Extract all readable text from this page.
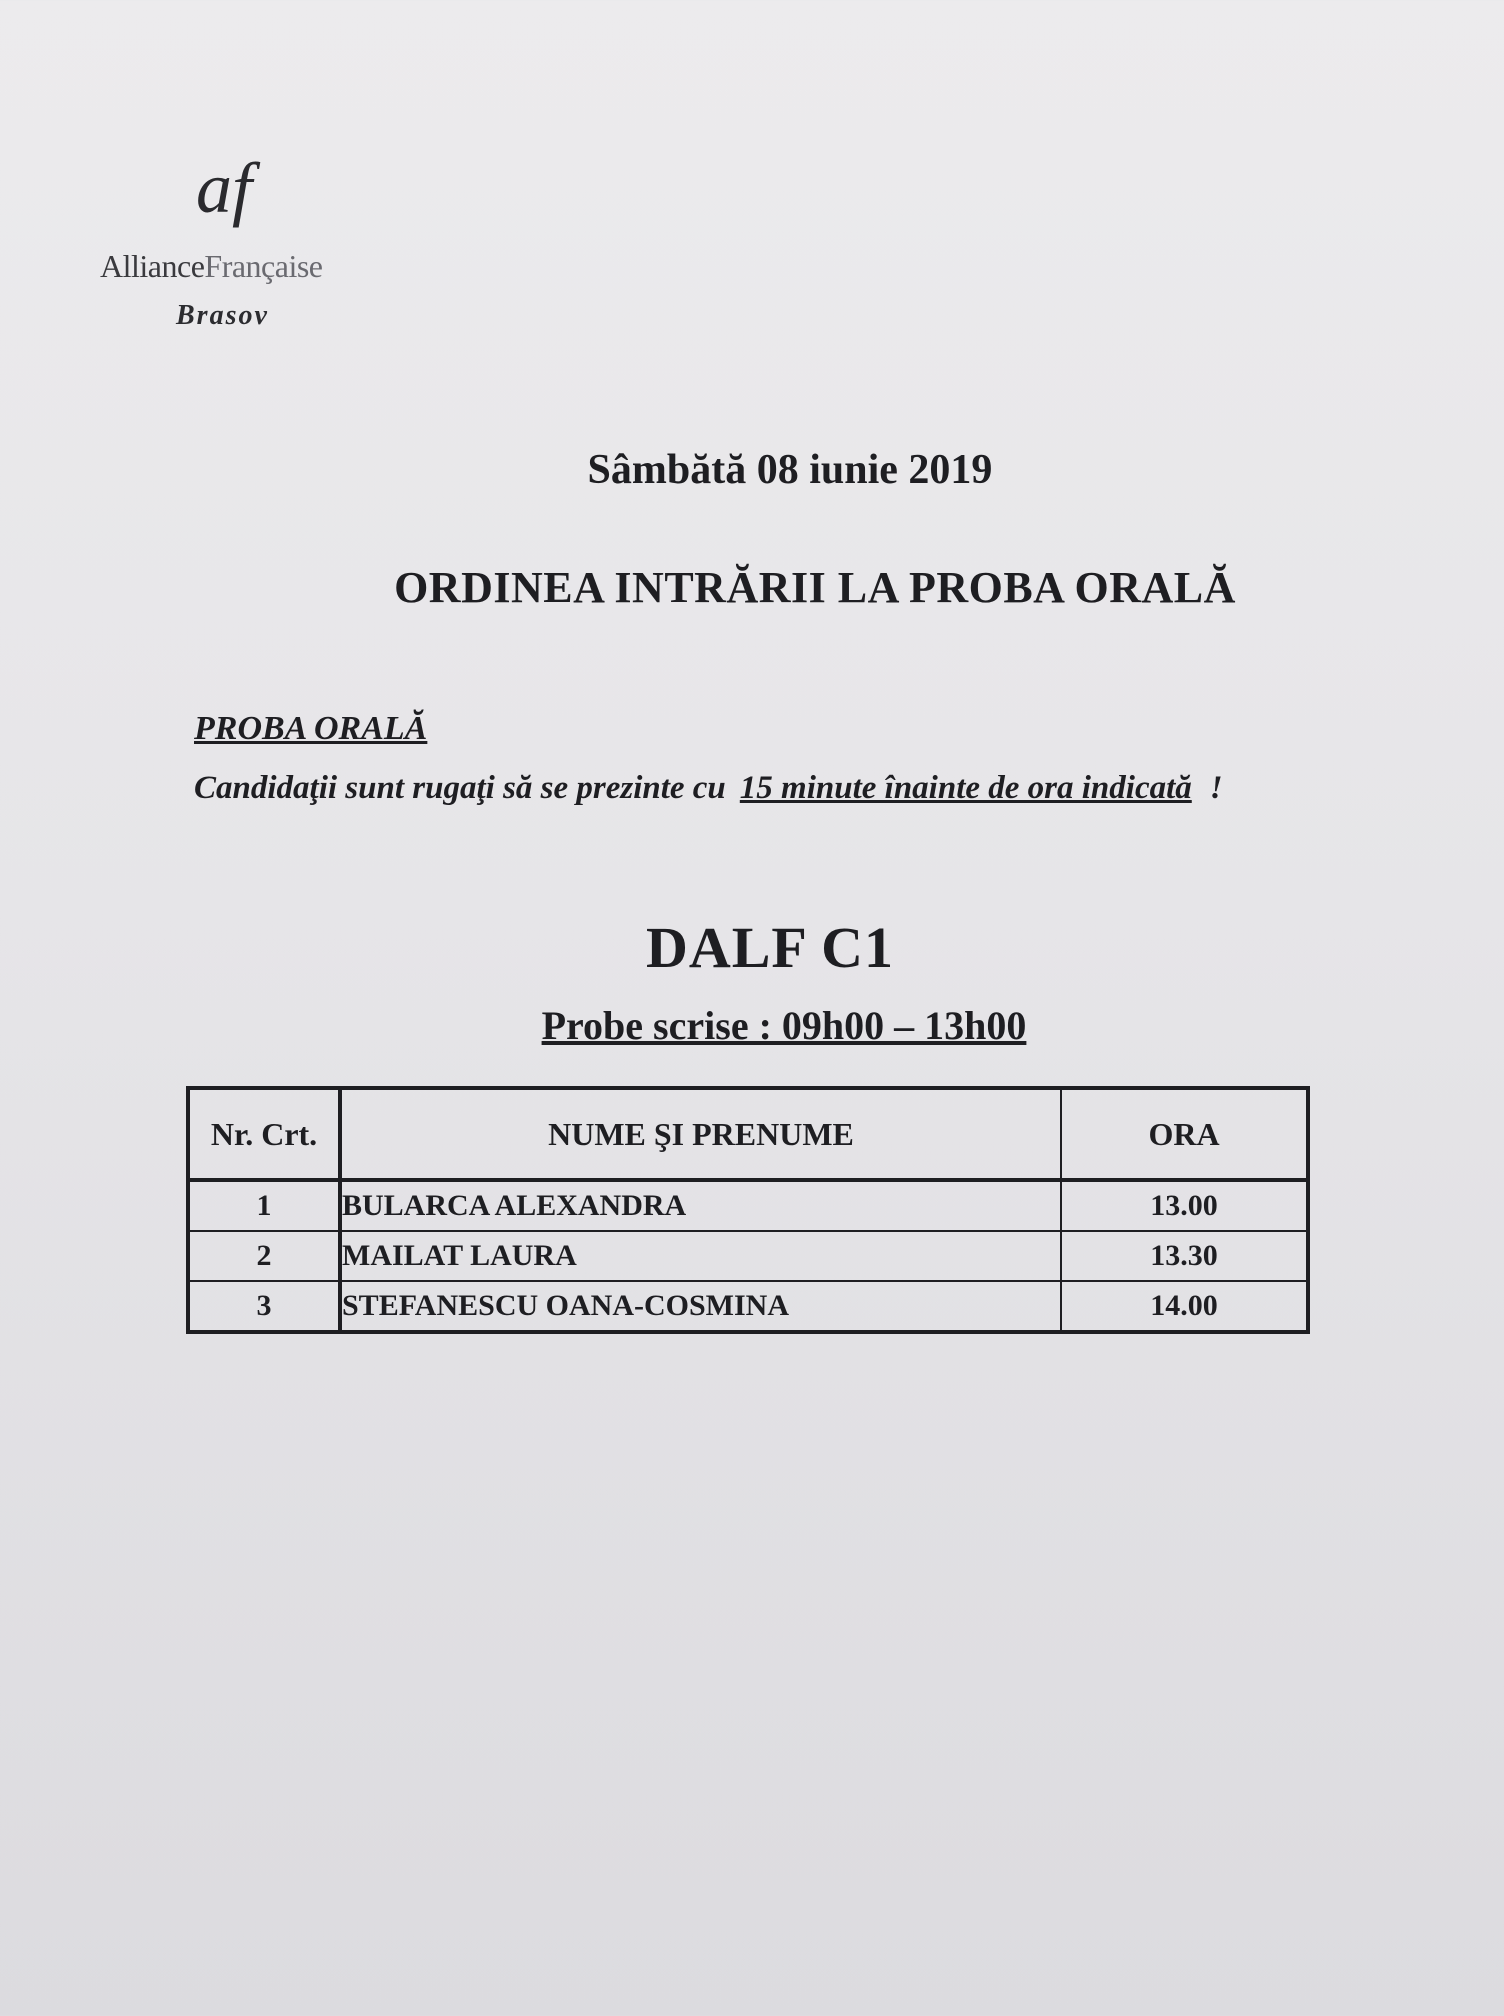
af
AllianceFrançaise
Brasov
Sâmbătă 08 iunie 2019
ORDINEA INTRĂRII LA PROBA ORALĂ
PROBA ORALĂ
Candidaţii sunt rugaţi să se prezinte cu 15 minute înainte de ora indicată !
DALF C1
Probe scrise : 09h00 – 13h00
Nr. Crt.	NUME ŞI PRENUME	ORA
1	BULARCA ALEXANDRA	13.00
2	MAILAT LAURA	13.30
3	STEFANESCU OANA-COSMINA	14.00
